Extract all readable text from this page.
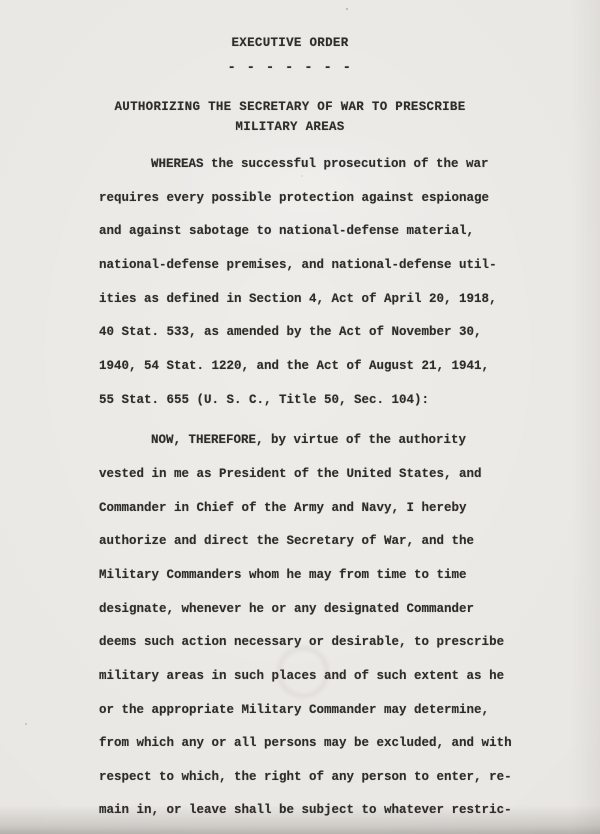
EXECUTIVE ORDER
- - - - - - -
AUTHORIZING THE SECRETARY OF WAR TO PRESCRIBE
MILITARY AREAS
WHEREAS the successful prosecution of the war
requires every possible protection against espionage
and against sabotage to national-defense material,
national-defense premises, and national-defense util-
ities as defined in Section 4, Act of April 20, 1918,
40 Stat. 533, as amended by the Act of November 30,
1940, 54 Stat. 1220, and the Act of August 21, 1941,
55 Stat. 655 (U. S. C., Title 50, Sec. 104):
NOW, THEREFORE, by virtue of the authority
vested in me as President of the United States, and
Commander in Chief of the Army and Navy, I hereby
authorize and direct the Secretary of War, and the
Military Commanders whom he may from time to time
designate, whenever he or any designated Commander
deems such action necessary or desirable, to prescribe
military areas in such places and of such extent as he
or the appropriate Military Commander may determine,
from which any or all persons may be excluded, and with
respect to which, the right of any person to enter, re-
main in, or leave shall be subject to whatever restric-
